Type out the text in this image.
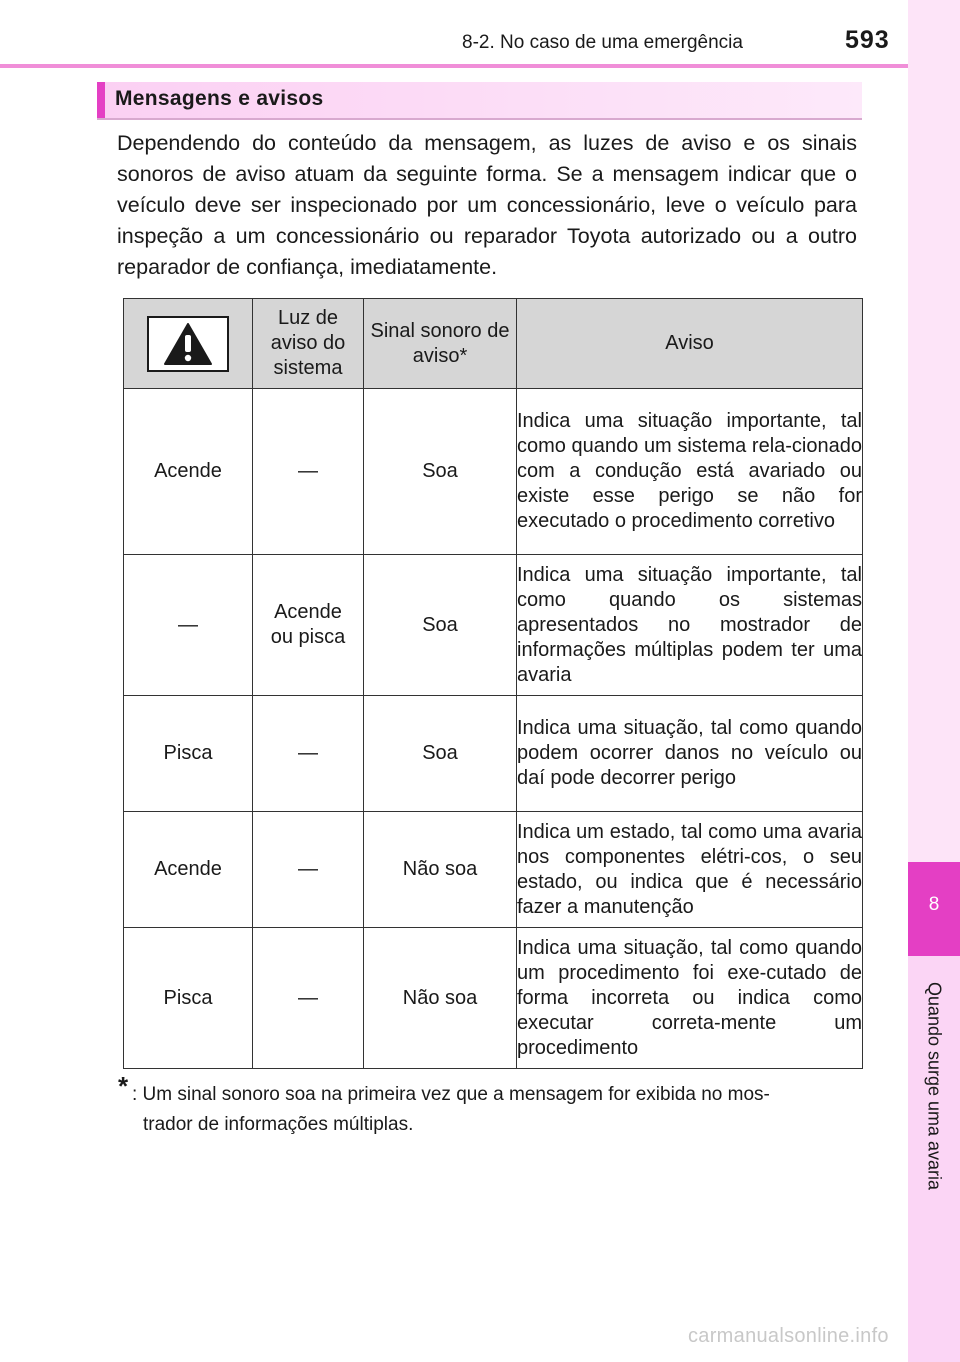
8-2. No caso de uma emergência	593
8
Quando surge uma avaria
Mensagens e avisos

Dependendo do conteúdo da mensagem, as luzes de aviso e os sinais sonoros de aviso atuam da seguinte forma. Se a mensagem indicar que o veículo deve ser inspecionado por um concessionário, leve o veículo para inspeção a um concessionário ou reparador Toyota autorizado ou a outro reparador de confiança, imediatamente.

	Luz de aviso do sistema	Sinal sonoro de aviso*	Aviso
Acende	—	Soa	Indica uma situação importante, tal como quando um sistema rela-cionado com a condução está avariado ou existe esse perigo se não for executado o procedimento corretivo
—	Acende ou pisca	Soa	Indica uma situação importante, tal como quando os sistemas apresentados no mostrador de informações múltiplas podem ter uma avaria
Pisca	—	Soa	Indica uma situação, tal como quando podem ocorrer danos no veículo ou daí pode decorrer perigo
Acende	—	Não soa	Indica um estado, tal como uma avaria nos componentes elétri-cos, o seu estado, ou indica que é necessário fazer a manutenção
Pisca	—	Não soa	Indica uma situação, tal como quando um procedimento foi exe-cutado de forma incorreta ou indica como executar correta-mente um procedimento
* : Um sinal sonoro soa na primeira vez que a mensagem for exibida no mos-
trador de informações múltiplas.
carmanualsonline.info
